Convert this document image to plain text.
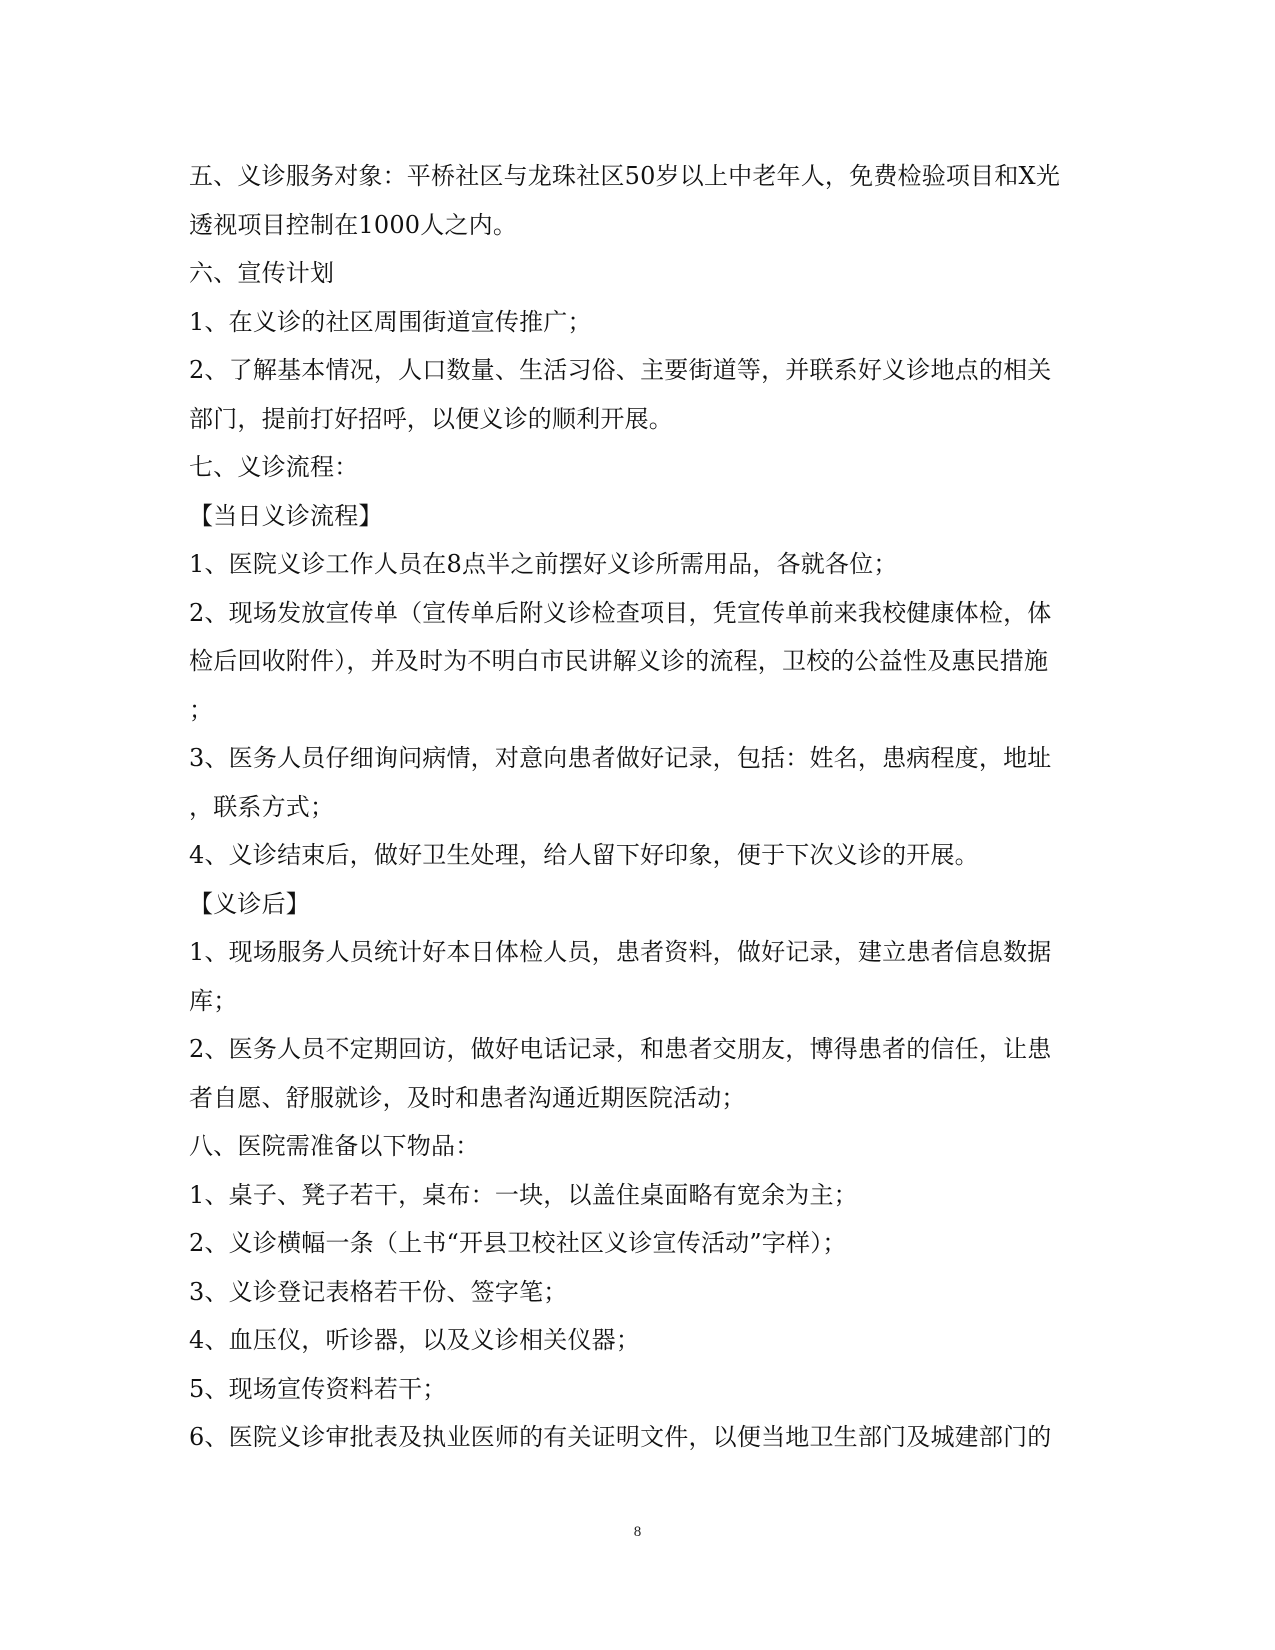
五、义诊服务对象：平桥社区与龙珠社区50岁以上中老年人，免费检验项目和X光
透视项目控制在1000人之内。
六、宣传计划
1、在义诊的社区周围街道宣传推广；
2、了解基本情况，人口数量、生活习俗、主要街道等，并联系好义诊地点的相关
部门，提前打好招呼，以便义诊的顺利开展。
七、义诊流程：
【当日义诊流程】
1、医院义诊工作人员在8点半之前摆好义诊所需用品，各就各位；
2、现场发放宣传单（宣传单后附义诊检查项目，凭宣传单前来我校健康体检，体
检后回收附件），并及时为不明白市民讲解义诊的流程，卫校的公益性及惠民措施
；
3、医务人员仔细询问病情，对意向患者做好记录，包括：姓名，患病程度，地址
，联系方式；
4、义诊结束后，做好卫生处理，给人留下好印象，便于下次义诊的开展。
【义诊后】
1、现场服务人员统计好本日体检人员，患者资料，做好记录，建立患者信息数据
库；
2、医务人员不定期回访，做好电话记录，和患者交朋友，博得患者的信任，让患
者自愿、舒服就诊，及时和患者沟通近期医院活动；
八、医院需准备以下物品：
1、桌子、凳子若干，桌布：一块，以盖住桌面略有宽余为主；
2、义诊横幅一条（上书“开县卫校社区义诊宣传活动”字样）；
3、义诊登记表格若干份、签字笔；
4、血压仪，听诊器，以及义诊相关仪器；
5、现场宣传资料若干；
6、医院义诊审批表及执业医师的有关证明文件，以便当地卫生部门及城建部门的
8
